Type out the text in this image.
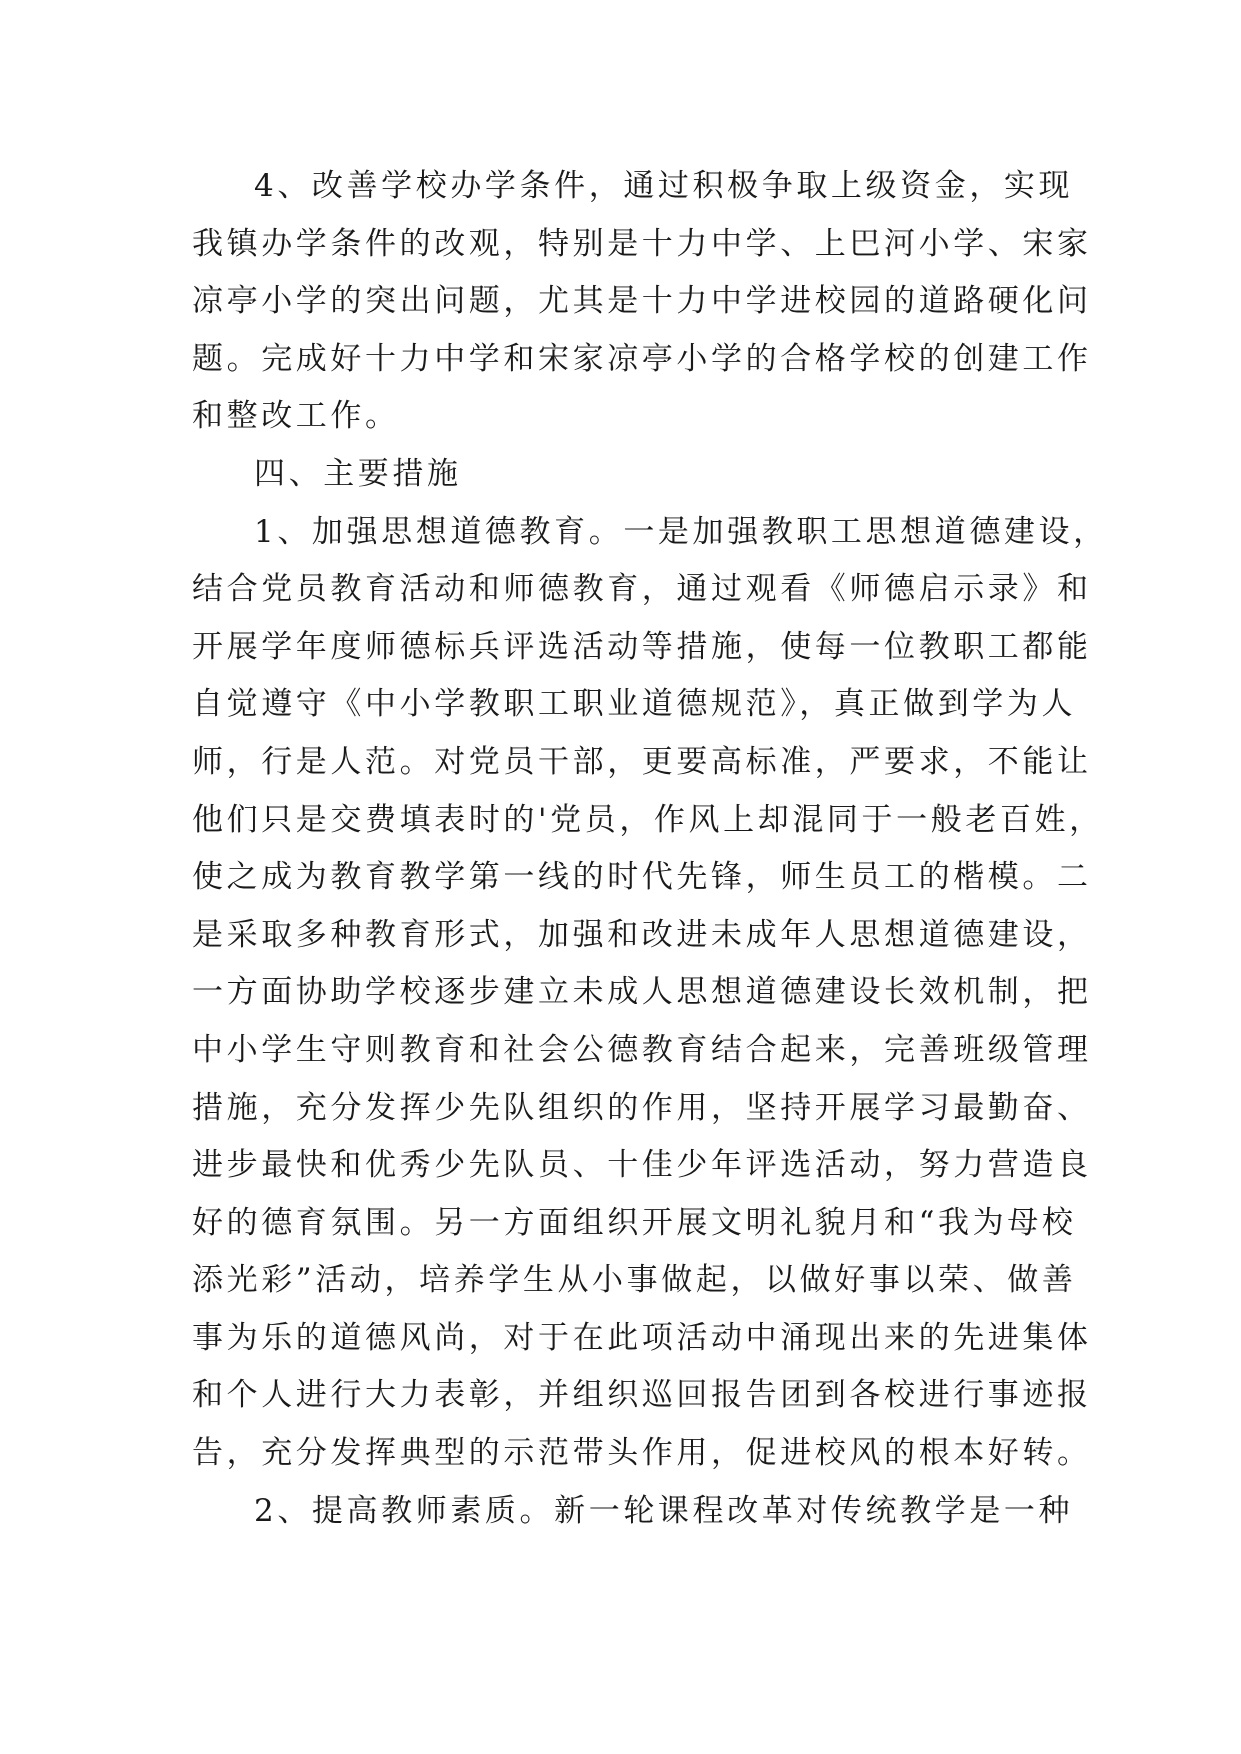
4、改善学校办学条件，通过积极争取上级资金，实现
我镇办学条件的改观，特别是十力中学、上巴河小学、宋家
凉亭小学的突出问题，尤其是十力中学进校园的道路硬化问
题。完成好十力中学和宋家凉亭小学的合格学校的创建工作
和整改工作。
四、主要措施
1、加强思想道德教育。一是加强教职工思想道德建设，
结合党员教育活动和师德教育，通过观看《师德启示录》和
开展学年度师德标兵评选活动等措施，使每一位教职工都能
自觉遵守《中小学教职工职业道德规范》，真正做到学为人
师，行是人范。对党员干部，更要高标准，严要求，不能让
他们只是交费填表时的'党员，作风上却混同于一般老百姓，
使之成为教育教学第一线的时代先锋，师生员工的楷模。二
是采取多种教育形式，加强和改进未成年人思想道德建设，
一方面协助学校逐步建立未成人思想道德建设长效机制，把
中小学生守则教育和社会公德教育结合起来，完善班级管理
措施，充分发挥少先队组织的作用，坚持开展学习最勤奋、
进步最快和优秀少先队员、十佳少年评选活动，努力营造良
好的德育氛围。另一方面组织开展文明礼貌月和“我为母校
添光彩”活动，培养学生从小事做起，以做好事以荣、做善
事为乐的道德风尚，对于在此项活动中涌现出来的先进集体
和个人进行大力表彰，并组织巡回报告团到各校进行事迹报
告，充分发挥典型的示范带头作用，促进校风的根本好转。
2、提高教师素质。新一轮课程改革对传统教学是一种
